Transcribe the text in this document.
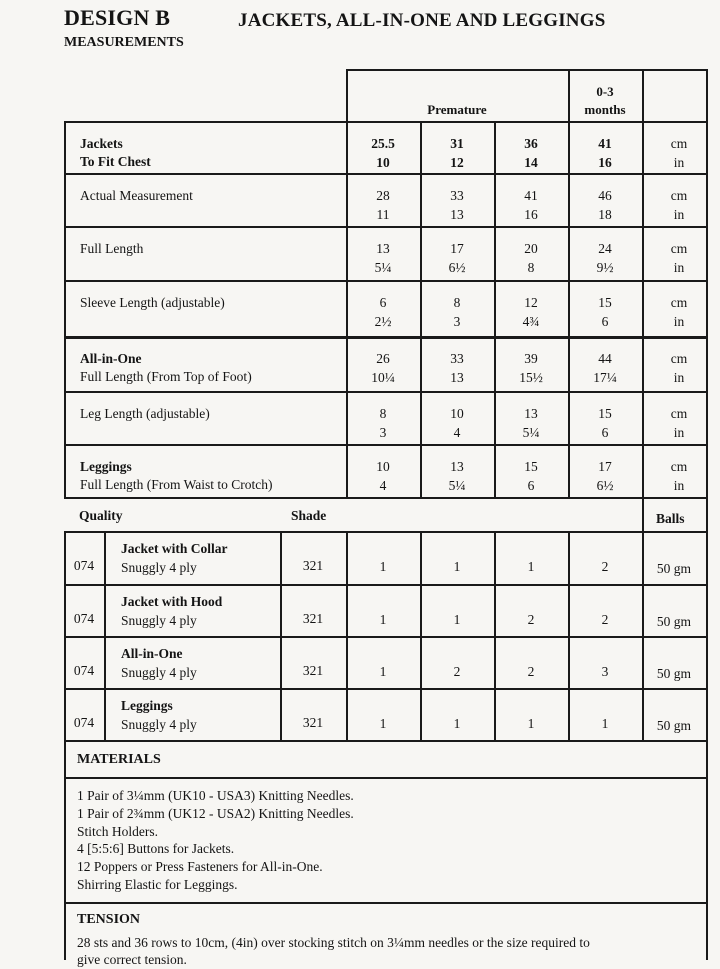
DESIGN B	JACKETS, ALL-IN-ONE AND LEGGINGS
MEASUREMENTS
Premature
0-3
months
Jackets
To Fit Chest
25.5	31	36	41	cm
10	12	14	16	in
Actual Measurement	28	33	41	46	cm
11	13	16	18	in
Full Length	13	17	20	24	cm
5¼	6½	8	9½	in
Sleeve Length (adjustable)	6	8	12	15	cm
2½	3	4¾	6	in
All-in-One
Full Length (From Top of Foot)
26	33	39	44	cm
10¼	13	15½	17¼	in
Leg Length (adjustable)	8	10	13	15	cm
3	4	5¼	6	in
Leggings
Full Length (From Waist to Crotch)
10	13	15	17	cm
4	5¼	6	6½	in
Quality	Shade	Balls
074
Jacket with Collar
Snuggly 4 ply	321	1	1	1	2	50 gm
074
Jacket with Hood
Snuggly 4 ply	321	1	1	2	2	50 gm
074
All-in-One
Snuggly 4 ply	321	1	2	2	3	50 gm
074
Leggings
Snuggly 4 ply	321	1	1	1	1	50 gm
MATERIALS
1 Pair of 3¼mm (UK10 - USA3) Knitting Needles.
1 Pair of 2¾mm (UK12 - USA2) Knitting Needles.
Stitch Holders.
4 [5:5:6] Buttons for Jackets.
12 Poppers or Press Fasteners for All-in-One.
Shirring Elastic for Leggings.
TENSION
28 sts and 36 rows to 10cm, (4in) over stocking stitch on 3¼mm needles or the size required to
give correct tension.
